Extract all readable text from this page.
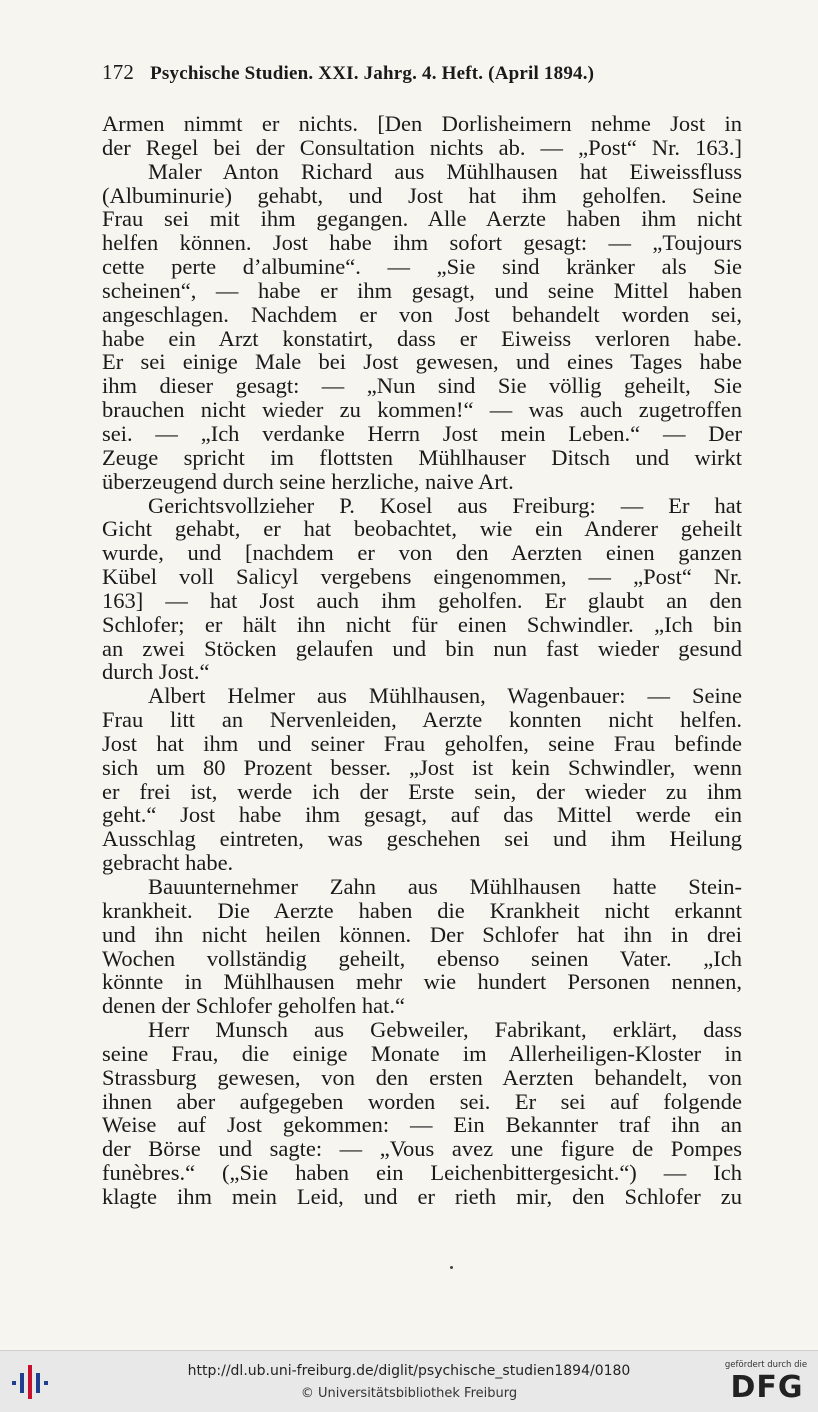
172 Psychische Studien. XXI. Jahrg. 4. Heft. (April 1894.)
Armen nimmt er nichts. [Den Dorlisheimern nehme Jost in
der Regel bei der Consultation nichts ab. — „Post“ Nr. 163.]
Maler Anton Richard aus Mühlhausen hat Eiweissfluss
(Albuminurie) gehabt, und Jost hat ihm geholfen. Seine
Frau sei mit ihm gegangen. Alle Aerzte haben ihm nicht
helfen können. Jost habe ihm sofort gesagt: — „Toujours
cette perte d’albumine“. — „Sie sind kränker als Sie
scheinen“, — habe er ihm gesagt, und seine Mittel haben
angeschlagen. Nachdem er von Jost behandelt worden sei,
habe ein Arzt konstatirt, dass er Eiweiss verloren habe.
Er sei einige Male bei Jost gewesen, und eines Tages habe
ihm dieser gesagt: — „Nun sind Sie völlig geheilt, Sie
brauchen nicht wieder zu kommen!“ — was auch zugetroffen
sei. — „Ich verdanke Herrn Jost mein Leben.“ — Der
Zeuge spricht im flottsten Mühlhauser Ditsch und wirkt
überzeugend durch seine herzliche, naive Art.
Gerichtsvollzieher P. Kosel aus Freiburg: — Er hat
Gicht gehabt, er hat beobachtet, wie ein Anderer geheilt
wurde, und [nachdem er von den Aerzten einen ganzen
Kübel voll Salicyl vergebens eingenommen, — „Post“ Nr.
163] — hat Jost auch ihm geholfen. Er glaubt an den
Schlofer; er hält ihn nicht für einen Schwindler. „Ich bin
an zwei Stöcken gelaufen und bin nun fast wieder gesund
durch Jost.“
Albert Helmer aus Mühlhausen, Wagenbauer: — Seine
Frau litt an Nervenleiden, Aerzte konnten nicht helfen.
Jost hat ihm und seiner Frau geholfen, seine Frau befinde
sich um 80 Prozent besser. „Jost ist kein Schwindler, wenn
er frei ist, werde ich der Erste sein, der wieder zu ihm
geht.“ Jost habe ihm gesagt, auf das Mittel werde ein
Ausschlag eintreten, was geschehen sei und ihm Heilung
gebracht habe.
Bauunternehmer Zahn aus Mühlhausen hatte Stein-
krankheit. Die Aerzte haben die Krankheit nicht erkannt
und ihn nicht heilen können. Der Schlofer hat ihn in drei
Wochen vollständig geheilt, ebenso seinen Vater. „Ich
könnte in Mühlhausen mehr wie hundert Personen nennen,
denen der Schlofer geholfen hat.“
Herr Munsch aus Gebweiler, Fabrikant, erklärt, dass
seine Frau, die einige Monate im Allerheiligen-Kloster in
Strassburg gewesen, von den ersten Aerzten behandelt, von
ihnen aber aufgegeben worden sei. Er sei auf folgende
Weise auf Jost gekommen: — Ein Bekannter traf ihn an
der Börse und sagte: — „Vous avez une figure de Pompes
funèbres.“ („Sie haben ein Leichenbittergesicht.“) — Ich
klagte ihm mein Leid, und er rieth mir, den Schlofer zu
http://dl.ub.uni-freiburg.de/diglit/psychische_studien1894/0180
© Universitätsbibliothek Freiburg
gefördert durch die
DFG
